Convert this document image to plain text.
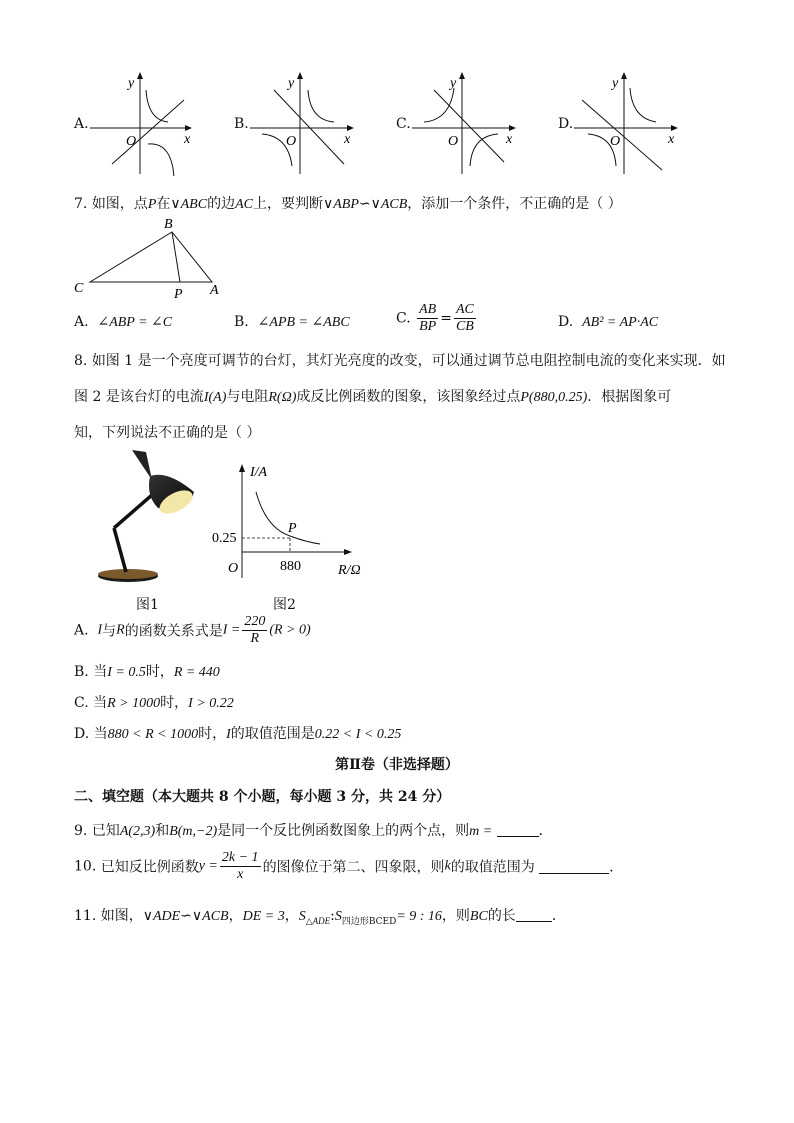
A.
y
x
O
B.
y
x
O
C.
y
x
O
D.
y
x
O
7. 如图，点P在∨ABC的边AC上，要判断∨ABP∽∨ACB，添加一个条件，不正确的是（ ）
B
C	P A
A. ∠ABP = ∠C	B. ∠APB = ∠ABC	C. $\frac{AB}{BP} = \frac{AC}{CB}$	D. AB² = AP·AC
8. 如图 1 是一个亮度可调节的台灯，其灯光亮度的改变，可以通过调节总电阻控制电流的变化来实现．如
图 2 是该台灯的电流I(A)与电阻R(Ω)成反比例函数的图象，该图象经过点P(880,0.25)．根据图象可
知，下列说法不正确的是（ ）
图1
I/A
R/Ω
O
0.25
880
P
图2
A. I与R的函数关系式是$I = \frac{220}{R} (R > 0)$
B. 当I = 0.5时，R = 440
C. 当R > 1000时，I > 0.22
D. 当880 < R < 1000时，I的取值范围是0.22 < I < 0.25
第Ⅱ卷（非选择题）
二、填空题（本大题共 8 个小题，每小题 3 分，共 24 分）
9. 已知A(2,3)和B(m,−2)是同一个反比例函数图象上的两个点，则m =	．
10. 已知反比例函数$y = \frac{2k - 1}{x}$ 的图像位于第二、四象限，则k的取值范围为	．
11. 如图，∨ADE∽∨ACB，DE = 3，$S_{\triangle ADE}:S_{四边形BCED}= 9$ : 16，则BC的长	．
